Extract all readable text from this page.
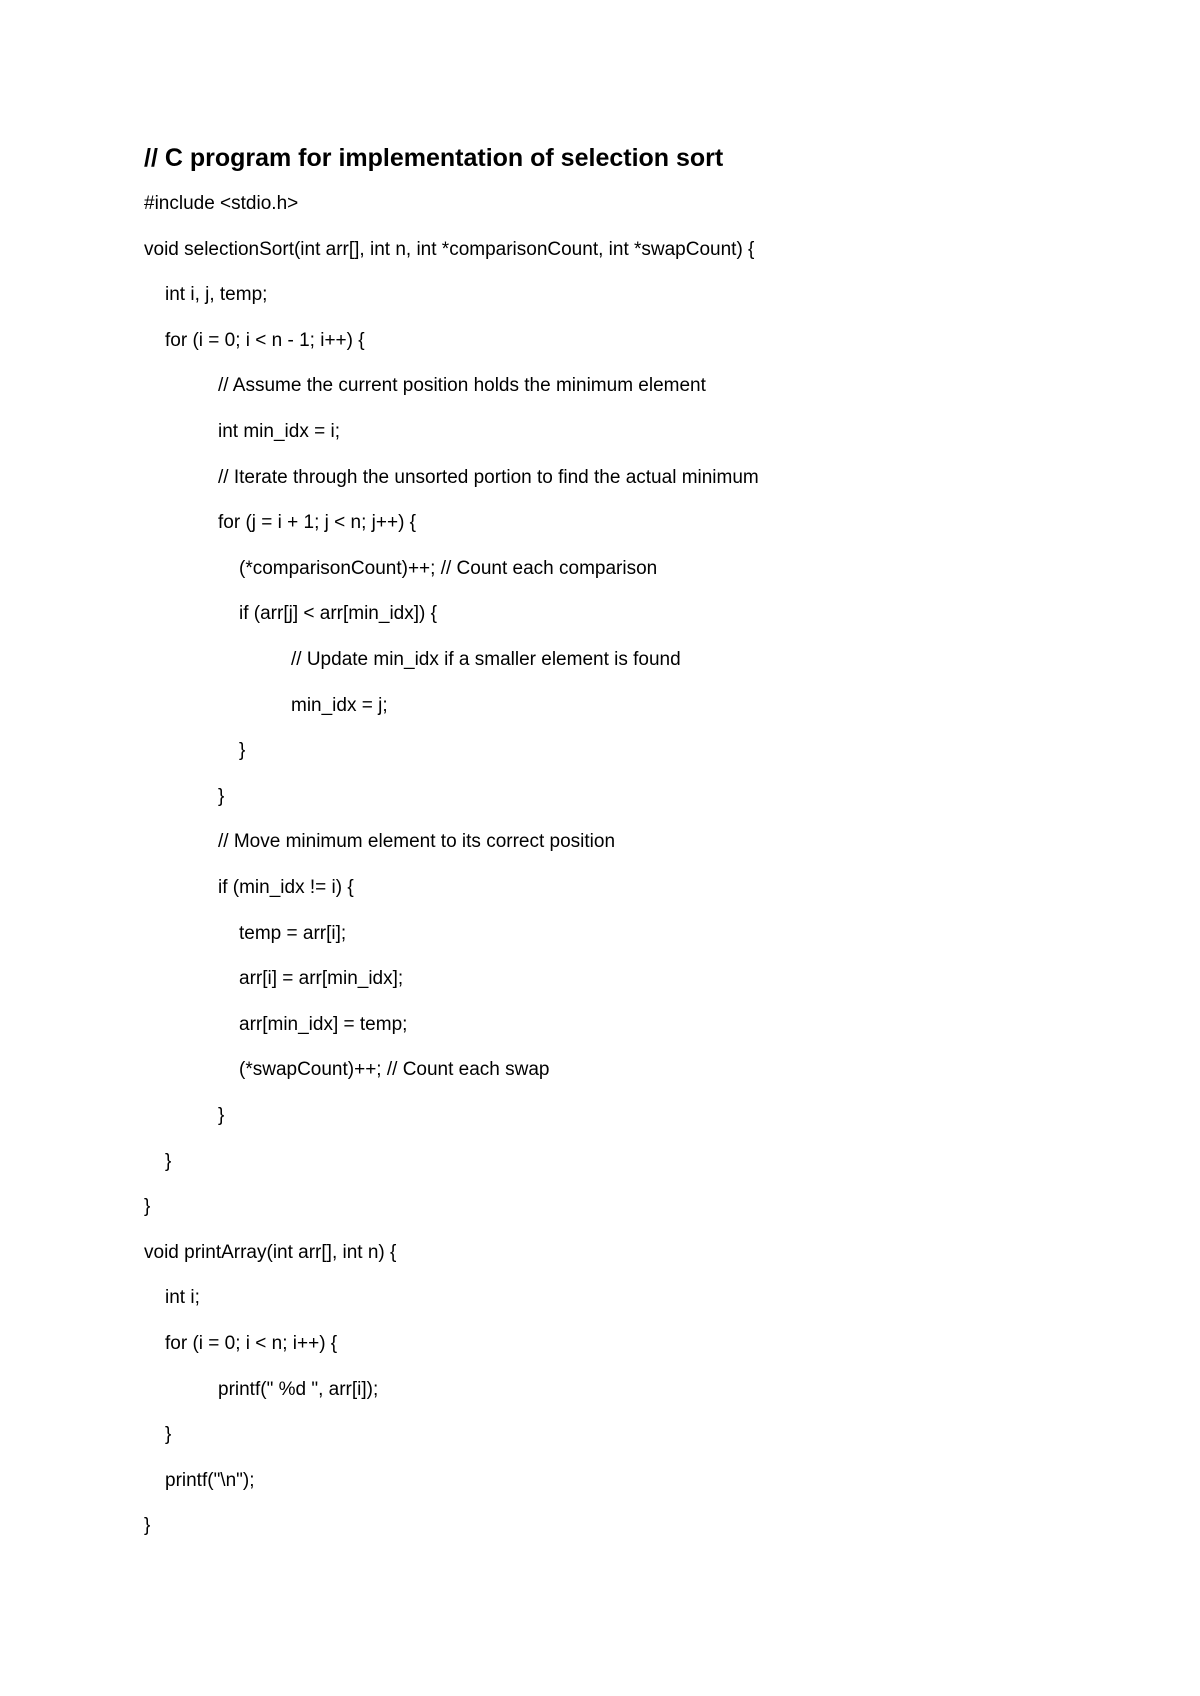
// C program for implementation of selection sort
#include <stdio.h>
void selectionSort(int arr[], int n, int *comparisonCount, int *swapCount) {
int i, j, temp;
for (i = 0; i < n - 1; i++) {
// Assume the current position holds the minimum element
int min_idx = i;
// Iterate through the unsorted portion to find the actual minimum
for (j = i + 1; j < n; j++) {
(*comparisonCount)++; // Count each comparison
if (arr[j] < arr[min_idx]) {
// Update min_idx if a smaller element is found
min_idx = j;
}
}
// Move minimum element to its correct position
if (min_idx != i) {
temp = arr[i];
arr[i] = arr[min_idx];
arr[min_idx] = temp;
(*swapCount)++; // Count each swap
}
}
}
void printArray(int arr[], int n) {
int i;
for (i = 0; i < n; i++) {
printf(" %d ", arr[i]);
}
printf("\n");
}
